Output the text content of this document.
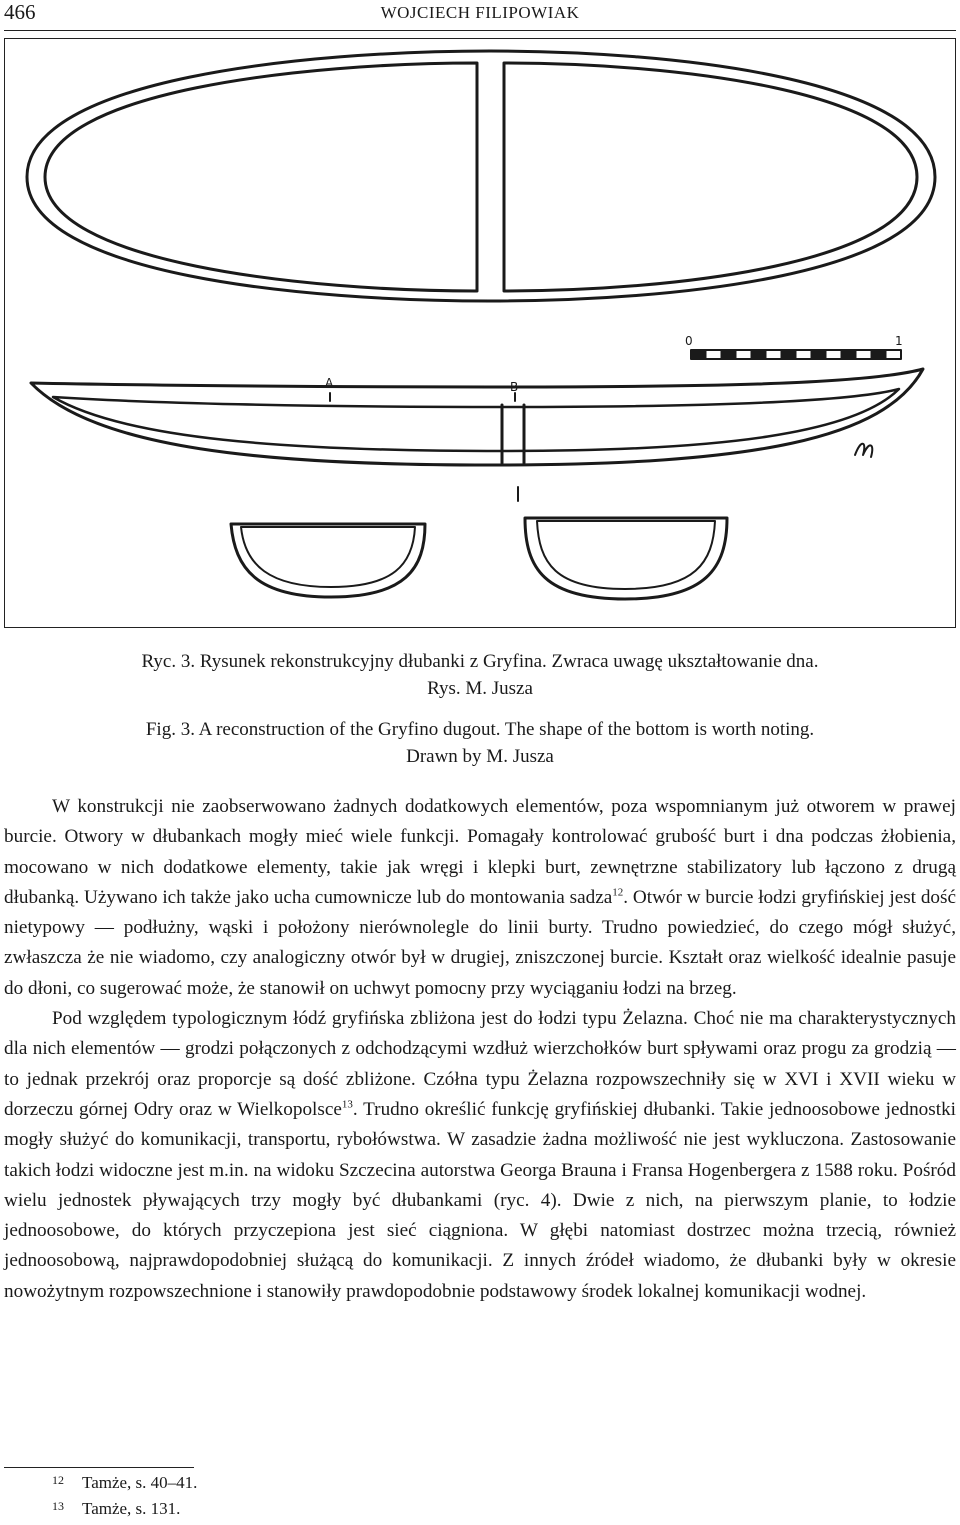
466	WOJCIECH FILIPOWIAK
0	1
A	B
Ryc. 3. Rysunek rekonstrukcyjny dłubanki z Gryfina. Zwraca uwagę ukształtowanie dna.
Rys. M. Jusza
Fig. 3. A reconstruction of the Gryfino dugout. The shape of the bottom is worth noting.
Drawn by M. Jusza

W konstrukcji nie zaobserwowano żadnych dodatkowych elementów, poza wspomnianym już otworem w prawej burcie. Otwory w dłubankach mogły mieć wiele funkcji. Pomagały kontrolować grubość burt i dna podczas żłobienia, mocowano w nich dodatkowe elementy, takie jak wręgi i klepki burt, zewnętrzne stabilizatory lub łączono z drugą dłubanką. Używano ich także jako ucha cumownicze lub do montowania sadza$^{12}$. Otwór w burcie łodzi gryfińskiej jest dość nietypowy — podłużny, wąski i położony nierównolegle do linii burty. Trudno powiedzieć, do czego mógł służyć, zwłaszcza że nie wiadomo, czy analogiczny otwór był w drugiej, zniszczonej burcie. Kształt oraz wielkość idealnie pasuje do dłoni, co sugerować może, że stanowił on uchwyt pomocny przy wyciąganiu łodzi na brzeg.

Pod względem typologicznym łódź gryfińska zbliżona jest do łodzi typu Żelazna. Choć nie ma charakterystycznych dla nich elementów — grodzi połączonych z odchodzącymi wzdłuż wierzchołków burt spływami oraz progu za grodzią — to jednak przekrój oraz proporcje są dość zbliżone. Czółna typu Żelazna rozpowszechniły się w XVI i XVII wieku w dorzeczu górnej Odry oraz w Wielkopolsce$^{13}$. Trudno określić funkcję gryfińskiej dłubanki. Takie jednoosobowe jednostki mogły służyć do komunikacji, transportu, rybołówstwa. W zasadzie żadna możliwość nie jest wykluczona. Zastosowanie takich łodzi widoczne jest m.in. na widoku Szczecina autorstwa Georga Brauna i Fransa Hogenbergera z 1588 roku. Pośród wielu jednostek pływających trzy mogły być dłubankami (ryc. 4). Dwie z nich, na pierwszym planie, to łodzie jednoosobowe, do których przyczepiona jest sieć ciągniona. W głębi natomiast dostrzec można trzecią, również jednoosobową, najprawdopodobniej służącą do komunikacji. Z innych źródeł wiadomo, że dłubanki były w okresie nowożytnym rozpowszechnione i stanowiły prawdopodobnie podstawowy środek lokalnej komunikacji wodnej.

12 Tamże, s. 40–41.
13 Tamże, s. 131.
